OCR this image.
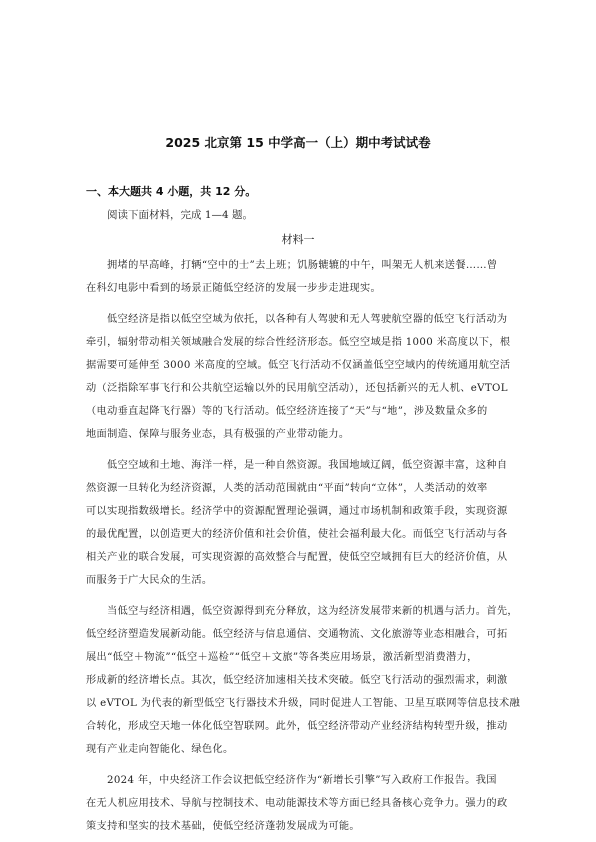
2025 北京第 15 中学高一（上）期中考试试卷
一、本大题共 4 小题，共 12 分。
阅读下面材料，完成 1—4 题。
材料一
拥堵的早高峰，打辆“空中的士”去上班；饥肠辘辘的中午，叫架无人机来送餐……曾
在科幻电影中看到的场景正随低空经济的发展一步步走进现实。
低空经济是指以低空空域为依托，以各种有人驾驶和无人驾驶航空器的低空飞行活动为
牵引，辐射带动相关领域融合发展的综合性经济形态。低空空域是指 1000 米高度以下，根
据需要可延伸至 3000 米高度的空域。低空飞行活动不仅涵盖低空空域内的传统通用航空活
动（泛指除军事飞行和公共航空运输以外的民用航空活动），还包括新兴的无人机、eVTOL
（电动垂直起降飞行器）等的飞行活动。低空经济连接了“天”与“地”，涉及数量众多的
地面制造、保障与服务业态，具有极强的产业带动能力。
低空空域和土地、海洋一样，是一种自然资源。我国地域辽阔，低空资源丰富，这种自
然资源一旦转化为经济资源，人类的活动范围就由“平面”转向“立体”，人类活动的效率
可以实现指数级增长。经济学中的资源配置理论强调，通过市场机制和政策手段，实现资源
的最优配置，以创造更大的经济价值和社会价值，使社会福利最大化。而低空飞行活动与各
相关产业的联合发展，可实现资源的高效整合与配置，使低空空域拥有巨大的经济价值，从
而服务于广大民众的生活。
当低空与经济相遇，低空资源得到充分释放，这为经济发展带来新的机遇与活力。首先，
低空经济塑造发展新动能。低空经济与信息通信、交通物流、文化旅游等业态相融合，可拓
展出“低空＋物流”“低空＋巡检”“低空＋文旅”等各类应用场景，激活新型消费潜力，
形成新的经济增长点。其次，低空经济加速相关技术突破。低空飞行活动的强烈需求，刺激
以 eVTOL 为代表的新型低空飞行器技术升级，同时促进人工智能、卫星互联网等信息技术融
合转化，形成空天地一体化低空智联网。此外，低空经济带动产业经济结构转型升级，推动
现有产业走向智能化、绿色化。
2024 年，中央经济工作会议把低空经济作为“新增长引擎”写入政府工作报告。我国
在无人机应用技术、导航与控制技术、电动能源技术等方面已经具备核心竞争力。强力的政
策支持和坚实的技术基础，使低空经济蓬勃发展成为可能。
